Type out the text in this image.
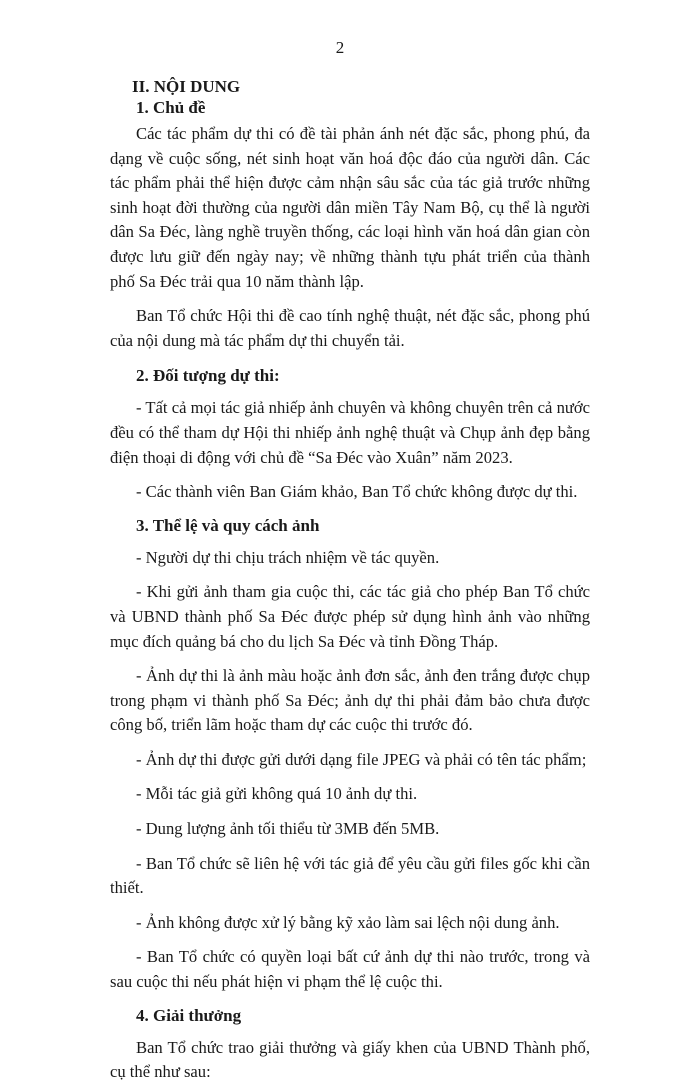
2
II. NỘI DUNG
1. Chủ đề

Các tác phẩm dự thi có đề tài phản ánh nét đặc sắc, phong phú, đa dạng về cuộc sống, nét sinh hoạt văn hoá độc đáo của người dân. Các tác phẩm phải thể hiện được cảm nhận sâu sắc của tác giả trước những sinh hoạt đời thường của người dân miền Tây Nam Bộ, cụ thể là người dân Sa Đéc, làng nghề truyền thống, các loại hình văn hoá dân gian còn được lưu giữ đến ngày nay; về những thành tựu phát triển của thành phố Sa Đéc trải qua 10 năm thành lập.

Ban Tổ chức Hội thi đề cao tính nghệ thuật, nét đặc sắc, phong phú của nội dung mà tác phẩm dự thi chuyển tải.

2. Đối tượng dự thi:

- Tất cả mọi tác giả nhiếp ảnh chuyên và không chuyên trên cả nước đều có thể tham dự Hội thi nhiếp ảnh nghệ thuật và Chụp ảnh đẹp bằng điện thoại di động với chủ đề “Sa Đéc vào Xuân” năm 2023.

- Các thành viên Ban Giám khảo, Ban Tổ chức không được dự thi.

3. Thể lệ và quy cách ảnh

- Người dự thi chịu trách nhiệm về tác quyền.

- Khi gửi ảnh tham gia cuộc thi, các tác giả cho phép Ban Tổ chức và UBND thành phố Sa Đéc được phép sử dụng hình ảnh vào những mục đích quảng bá cho du lịch Sa Đéc và tỉnh Đồng Tháp.

- Ảnh dự thi là ảnh màu hoặc ảnh đơn sắc, ảnh đen trắng được chụp trong phạm vi thành phố Sa Đéc; ảnh dự thi phải đảm bảo chưa được công bố, triển lãm hoặc tham dự các cuộc thi trước đó.

- Ảnh dự thi được gửi dưới dạng file JPEG và phải có tên tác phẩm;

- Mỗi tác giả gửi không quá 10 ảnh dự thi.

- Dung lượng ảnh tối thiểu từ 3MB đến 5MB.

- Ban Tổ chức sẽ liên hệ với tác giả để yêu cầu gửi files gốc khi cần thiết.

- Ảnh không được xử lý bằng kỹ xảo làm sai lệch nội dung ảnh.

- Ban Tổ chức có quyền loại bất cứ ảnh dự thi nào trước, trong và sau cuộc thi nếu phát hiện vi phạm thể lệ cuộc thi.

4. Giải thưởng

Ban Tổ chức trao giải thưởng và giấy khen của UBND Thành phố, cụ thể như sau:
